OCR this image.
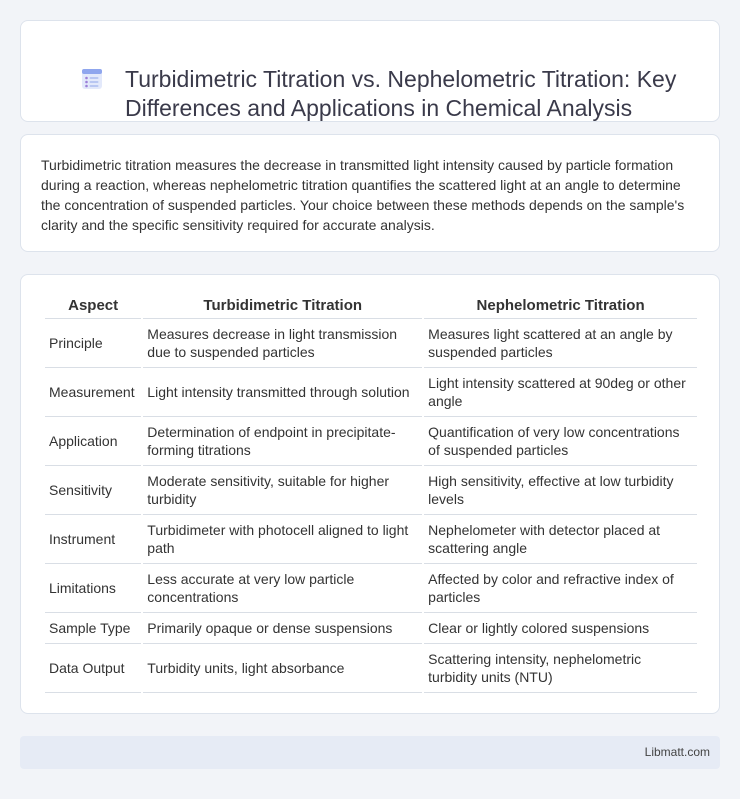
Turbidimetric Titration vs. Nephelometric Titration: Key Differences and Applications in Chemical Analysis

Turbidimetric titration measures the decrease in transmitted light intensity caused by particle formation during a reaction, whereas nephelometric titration quantifies the scattered light at an angle to determine the concentration of suspended particles. Your choice between these methods depends on the sample's clarity and the specific sensitivity required for accurate analysis.

Aspect	Turbidimetric Titration	Nephelometric Titration
Principle	Measures decrease in light transmission due to suspended particles	Measures light scattered at an angle by suspended particles
Measurement	Light intensity transmitted through solution	Light intensity scattered at 90deg or other angle
Application	Determination of endpoint in precipitate-forming titrations	Quantification of very low concentrations of suspended particles
Sensitivity	Moderate sensitivity, suitable for higher turbidity	High sensitivity, effective at low turbidity levels
Instrument	Turbidimeter with photocell aligned to light path	Nephelometer with detector placed at scattering angle
Limitations	Less accurate at very low particle concentrations	Affected by color and refractive index of particles
Sample Type	Primarily opaque or dense suspensions	Clear or lightly colored suspensions
Data Output	Turbidity units, light absorbance	Scattering intensity, nephelometric turbidity units (NTU)
Libmatt.com
